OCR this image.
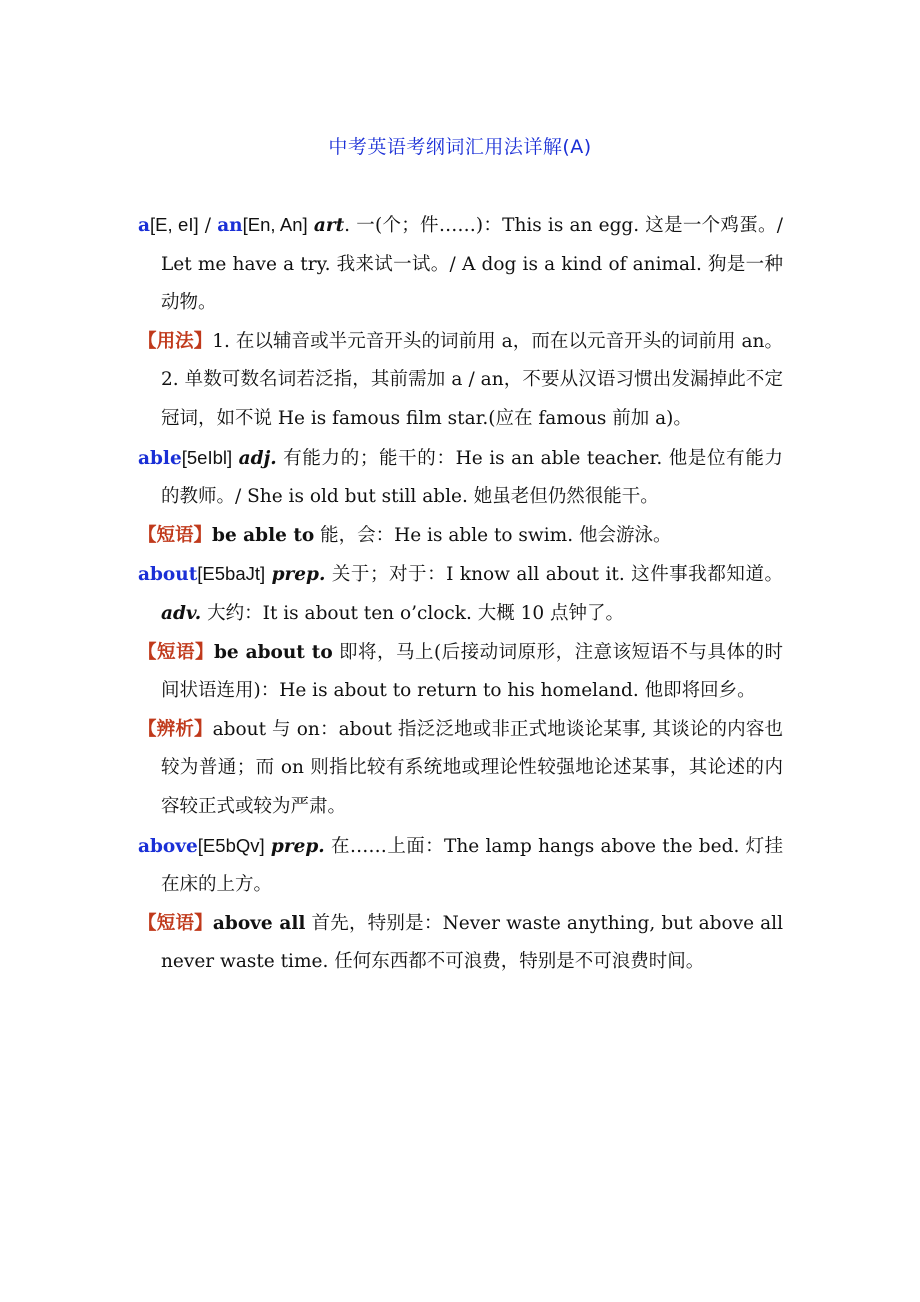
中考英语考纲词汇用法详解(A)
a[E, eI] / an[En, An] art. 一(个；件……)：This is an egg. 这是一个鸡蛋。/ Let me have a try. 我来试一试。/ A dog is a kind of animal. 狗是一种动物。
【用法】1. 在以辅音或半元音开头的词前用 a，而在以元音开头的词前用 an。2. 单数可数名词若泛指，其前需加 a / an，不要从汉语习惯出发漏掉此不定冠词，如不说 He is famous film star.(应在 famous 前加 a)。
able[5eIbl] adj. 有能力的；能干的：He is an able teacher. 他是位有能力的教师。/ She is old but still able. 她虽老但仍然很能干。
【短语】be able to 能，会：He is able to swim. 他会游泳。
about[E5baJt] prep. 关于；对于：I know all about it. 这件事我都知道。 adv. 大约：It is about ten o’clock. 大概 10 点钟了。
【短语】be about to 即将，马上(后接动词原形，注意该短语不与具体的时间状语连用)：He is about to return to his homeland. 他即将回乡。
【辨析】about 与 on：about 指泛泛地或非正式地谈论某事, 其谈论的内容也较为普通；而 on 则指比较有系统地或理论性较强地论述某事，其论述的内容较正式或较为严肃。
above[E5bQv] prep. 在……上面：The lamp hangs above the bed. 灯挂在床的上方。
【短语】above all 首先，特别是：Never waste anything, but above all never waste time. 任何东西都不可浪费，特别是不可浪费时间。
